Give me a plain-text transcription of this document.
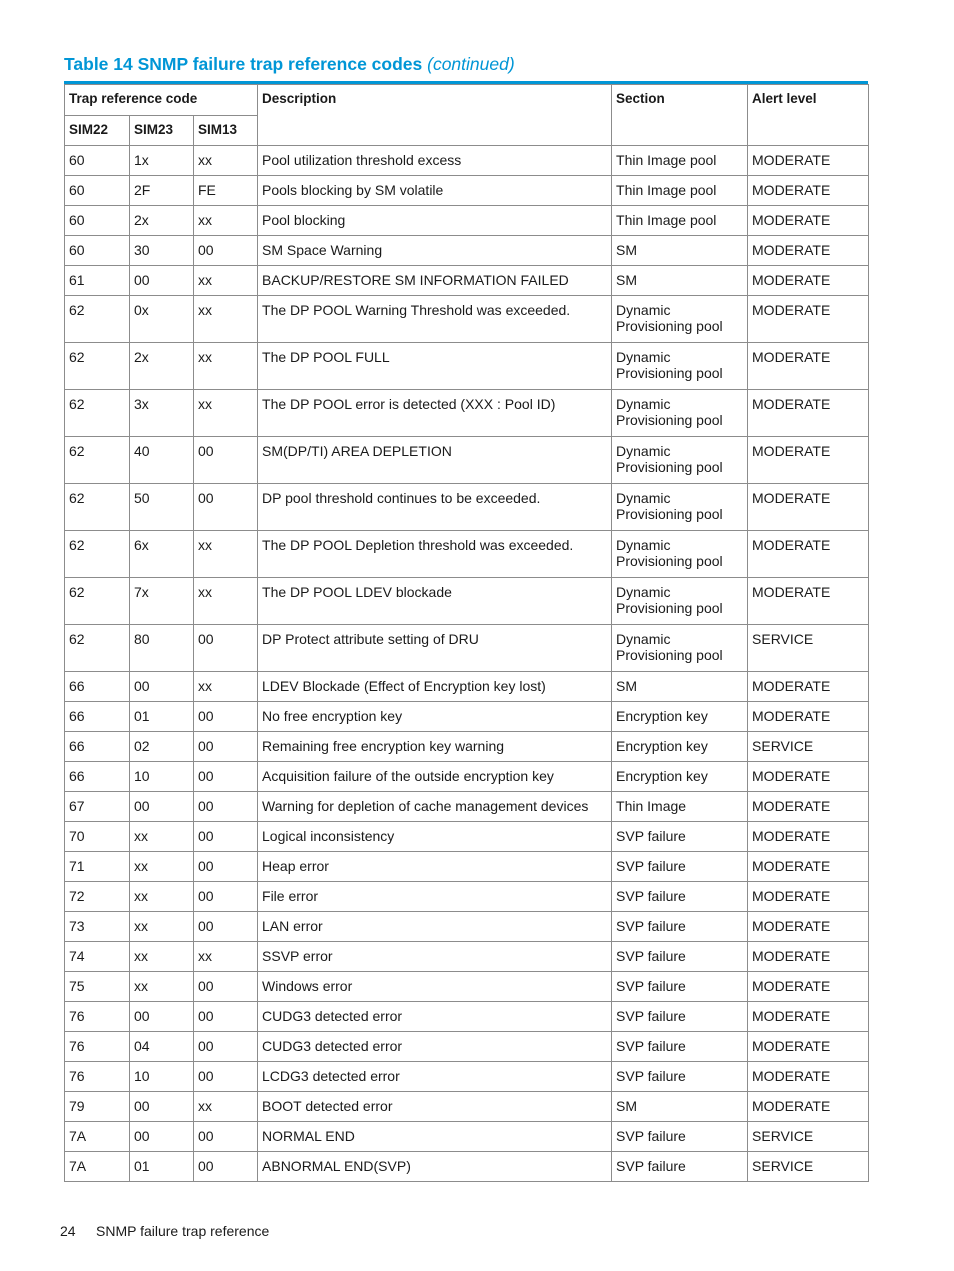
Table 14 SNMP failure trap reference codes (continued)
Trap reference code			Description	Section	Alert level
SIM22	SIM23	SIM13			
60	1x	xx	Pool utilization threshold excess	Thin Image pool	MODERATE
60	2F	FE	Pools blocking by SM volatile	Thin Image pool	MODERATE
60	2x	xx	Pool blocking	Thin Image pool	MODERATE
60	30	00	SM Space Warning	SM	MODERATE
61	00	xx	BACKUP/RESTORE SM INFORMATION FAILED	SM	MODERATE
62	0x	xx	The DP POOL Warning Threshold was exceeded.	Dynamic Provisioning pool	MODERATE
62	2x	xx	The DP POOL FULL	Dynamic Provisioning pool	MODERATE
62	3x	xx	The DP POOL error is detected (XXX : Pool ID)	Dynamic Provisioning pool	MODERATE
62	40	00	SM(DP/TI) AREA DEPLETION	Dynamic Provisioning pool	MODERATE
62	50	00	DP pool threshold continues to be exceeded.	Dynamic Provisioning pool	MODERATE
62	6x	xx	The DP POOL Depletion threshold was exceeded.	Dynamic Provisioning pool	MODERATE
62	7x	xx	The DP POOL LDEV blockade	Dynamic Provisioning pool	MODERATE
62	80	00	DP Protect attribute setting of DRU	Dynamic Provisioning pool	SERVICE
66	00	xx	LDEV Blockade (Effect of Encryption key lost)	SM	MODERATE
66	01	00	No free encryption key	Encryption key	MODERATE
66	02	00	Remaining free encryption key warning	Encryption key	SERVICE
66	10	00	Acquisition failure of the outside encryption key	Encryption key	MODERATE
67	00	00	Warning for depletion of cache management devices	Thin Image	MODERATE
70	xx	00	Logical inconsistency	SVP failure	MODERATE
71	xx	00	Heap error	SVP failure	MODERATE
72	xx	00	File error	SVP failure	MODERATE
73	xx	00	LAN error	SVP failure	MODERATE
74	xx	xx	SSVP error	SVP failure	MODERATE
75	xx	00	Windows error	SVP failure	MODERATE
76	00	00	CUDG3 detected error	SVP failure	MODERATE
76	04	00	CUDG3 detected error	SVP failure	MODERATE
76	10	00	LCDG3 detected error	SVP failure	MODERATE
79	00	xx	BOOT detected error	SM	MODERATE
7A	00	00	NORMAL END	SVP failure	SERVICE
7A	01	00	ABNORMAL END(SVP)	SVP failure	SERVICE
24 SNMP failure trap reference
